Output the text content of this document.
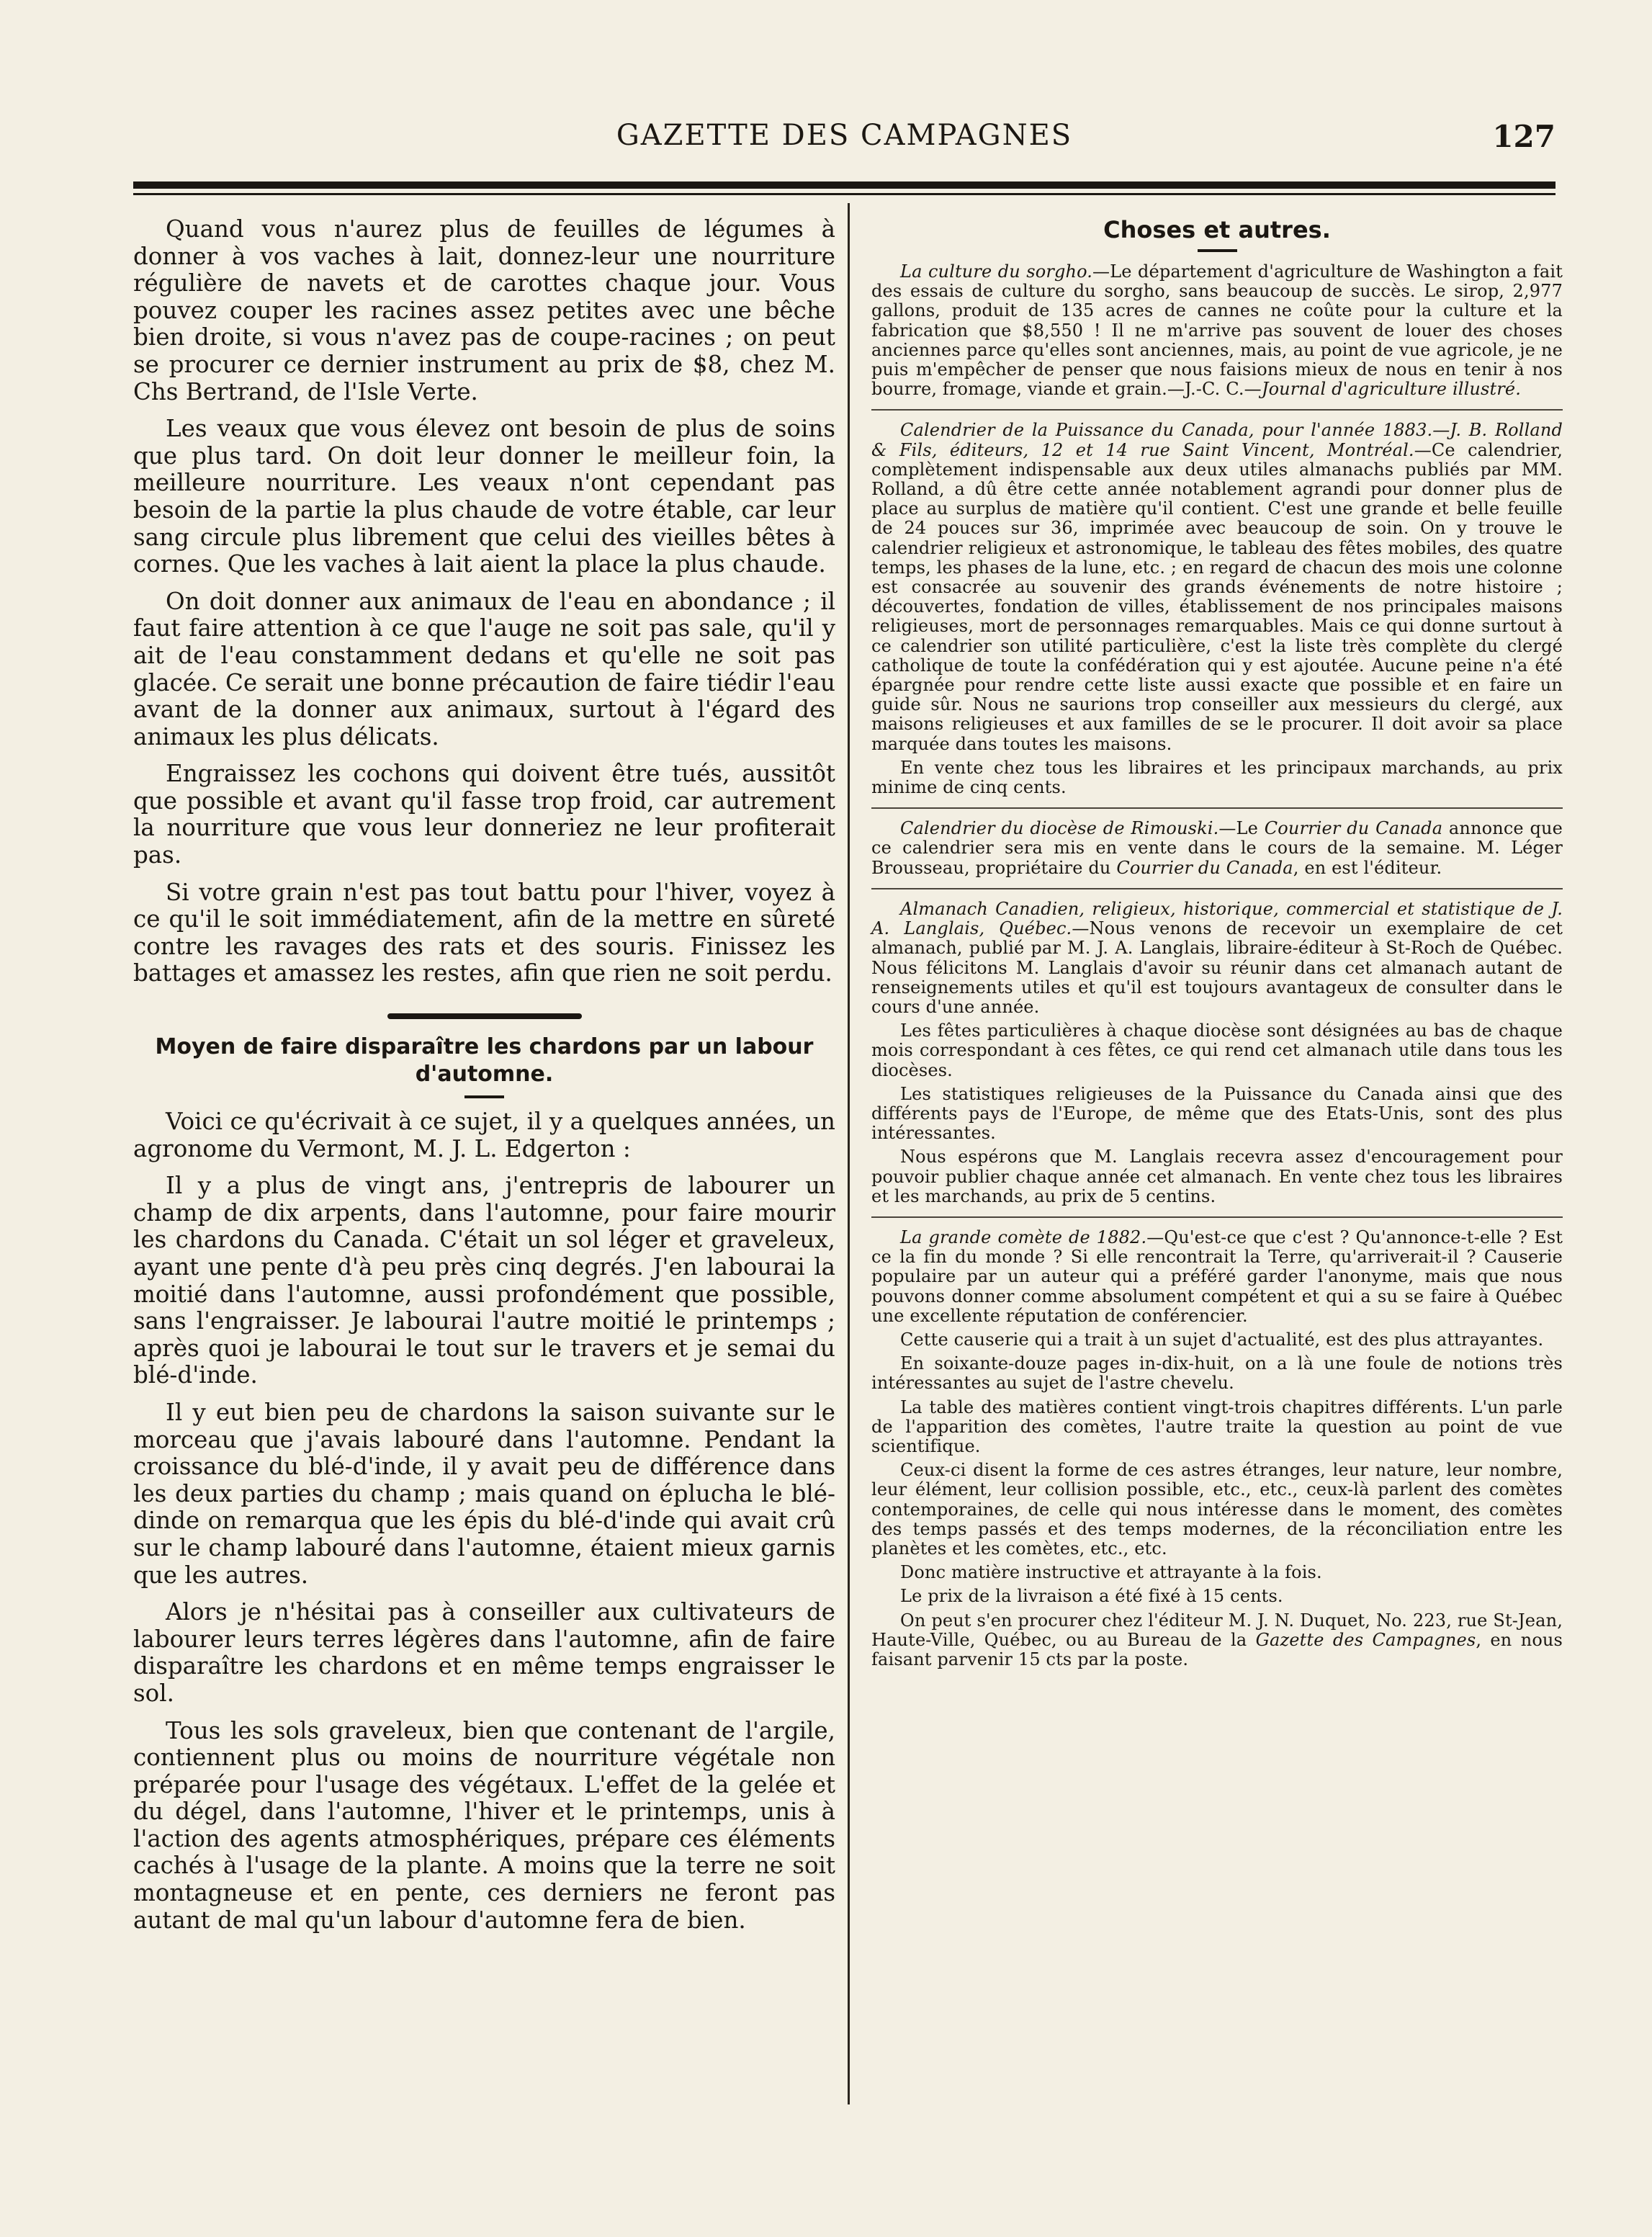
GAZETTE DES CAMPAGNES	127

Quand vous n'aurez plus de feuilles de légumes à donner à vos vaches à lait, donnez-leur une nourriture régulière de navets et de carottes chaque jour. Vous pouvez couper les racines assez petites avec une bêche bien droite, si vous n'avez pas de coupe-racines ; on peut se procurer ce dernier instrument au prix de $8, chez M. Chs Bertrand, de l'Isle Verte.

Les veaux que vous élevez ont besoin de plus de soins que plus tard. On doit leur donner le meilleur foin, la meilleure nourriture. Les veaux n'ont cependant pas besoin de la partie la plus chaude de votre étable, car leur sang circule plus librement que celui des vieilles bêtes à cornes. Que les vaches à lait aient la place la plus chaude.

On doit donner aux animaux de l'eau en abondance ; il faut faire attention à ce que l'auge ne soit pas sale, qu'il y ait de l'eau constamment dedans et qu'elle ne soit pas glacée. Ce serait une bonne précaution de faire tiédir l'eau avant de la donner aux animaux, surtout à l'égard des animaux les plus délicats.

Engraissez les cochons qui doivent être tués, aussitôt que possible et avant qu'il fasse trop froid, car autrement la nourriture que vous leur donneriez ne leur profiterait pas.

Si votre grain n'est pas tout battu pour l'hiver, voyez à ce qu'il le soit immédiatement, afin de la mettre en sûreté contre les ravages des rats et des souris. Finissez les battages et amassez les restes, afin que rien ne soit perdu.

Moyen de faire disparaître les chardons par un labour d'automne.

Voici ce qu'écrivait à ce sujet, il y a quelques années, un agronome du Vermont, M. J. L. Edgerton :

Il y a plus de vingt ans, j'entrepris de labourer un champ de dix arpents, dans l'automne, pour faire mourir les chardons du Canada. C'était un sol léger et graveleux, ayant une pente d'à peu près cinq degrés. J'en labourai la moitié dans l'automne, aussi profondément que possible, sans l'engraisser. Je labourai l'autre moitié le printemps ; après quoi je labourai le tout sur le travers et je semai du blé-d'inde.

Il y eut bien peu de chardons la saison suivante sur le morceau que j'avais labouré dans l'automne. Pendant la croissance du blé-d'inde, il y avait peu de différence dans les deux parties du champ ; mais quand on éplucha le blé-dinde on remarqua que les épis du blé-d'inde qui avait crû sur le champ labouré dans l'automne, étaient mieux garnis que les autres.

Alors je n'hésitai pas à conseiller aux cultivateurs de labourer leurs terres légères dans l'automne, afin de faire disparaître les chardons et en même temps engraisser le sol.

Tous les sols graveleux, bien que contenant de l'argile, contiennent plus ou moins de nourriture végétale non préparée pour l'usage des végétaux. L'effet de la gelée et du dégel, dans l'automne, l'hiver et le printemps, unis à l'action des agents atmosphériques, prépare ces éléments cachés à l'usage de la plante. A moins que la terre ne soit montagneuse et en pente, ces derniers ne feront pas autant de mal qu'un labour d'automne fera de bien.

Choses et autres.

La culture du sorgho.—Le département d'agriculture de Washington a fait des essais de culture du sorgho, sans beaucoup de succès. Le sirop, 2,977 gallons, produit de 135 acres de cannes ne coûte pour la culture et la fabrication que $8,550 ! Il ne m'arrive pas souvent de louer des choses anciennes parce qu'elles sont anciennes, mais, au point de vue agricole, je ne puis m'empêcher de penser que nous faisions mieux de nous en tenir à nos bourre, fromage, viande et grain.—J.-C. C.—Journal d'agriculture illustré.

Calendrier de la Puissance du Canada, pour l'année 1883.—J. B. Rolland & Fils, éditeurs, 12 et 14 rue Saint Vincent, Montréal.—Ce calendrier, complètement indispensable aux deux utiles almanachs publiés par MM. Rolland, a dû être cette année notablement agrandi pour donner plus de place au surplus de matière qu'il contient. C'est une grande et belle feuille de 24 pouces sur 36, imprimée avec beaucoup de soin. On y trouve le calendrier religieux et astronomique, le tableau des fêtes mobiles, des quatre temps, les phases de la lune, etc. ; en regard de chacun des mois une colonne est consacrée au souvenir des grands événements de notre histoire ; découvertes, fondation de villes, établissement de nos principales maisons religieuses, mort de personnages remarquables. Mais ce qui donne surtout à ce calendrier son utilité particulière, c'est la liste très complète du clergé catholique de toute la confédération qui y est ajoutée. Aucune peine n'a été épargnée pour rendre cette liste aussi exacte que possible et en faire un guide sûr. Nous ne saurions trop conseiller aux messieurs du clergé, aux maisons religieuses et aux familles de se le procurer. Il doit avoir sa place marquée dans toutes les maisons.

En vente chez tous les libraires et les principaux marchands, au prix minime de cinq cents.

Calendrier du diocèse de Rimouski.—Le Courrier du Canada annonce que ce calendrier sera mis en vente dans le cours de la semaine. M. Léger Brousseau, propriétaire du Courrier du Canada, en est l'éditeur.

Almanach Canadien, religieux, historique, commercial et statistique de J. A. Langlais, Québec.—Nous venons de recevoir un exemplaire de cet almanach, publié par M. J. A. Langlais, libraire-éditeur à St-Roch de Québec. Nous félicitons M. Langlais d'avoir su réunir dans cet almanach autant de renseignements utiles et qu'il est toujours avantageux de consulter dans le cours d'une année.

Les fêtes particulières à chaque diocèse sont désignées au bas de chaque mois correspondant à ces fêtes, ce qui rend cet almanach utile dans tous les diocèses.

Les statistiques religieuses de la Puissance du Canada ainsi que des différents pays de l'Europe, de même que des Etats-Unis, sont des plus intéressantes.

Nous espérons que M. Langlais recevra assez d'encouragement pour pouvoir publier chaque année cet almanach. En vente chez tous les libraires et les marchands, au prix de 5 centins.

La grande comète de 1882.—Qu'est-ce que c'est ? Qu'annonce-t-elle ? Est ce la fin du monde ? Si elle rencontrait la Terre, qu'arriverait-il ? Causerie populaire par un auteur qui a préféré garder l'anonyme, mais que nous pouvons donner comme absolument compétent et qui a su se faire à Québec une excellente réputation de conférencier.

Cette causerie qui a trait à un sujet d'actualité, est des plus attrayantes.

En soixante-douze pages in-dix-huit, on a là une foule de notions très intéressantes au sujet de l'astre chevelu.

La table des matières contient vingt-trois chapitres différents. L'un parle de l'apparition des comètes, l'autre traite la question au point de vue scientifique.

Ceux-ci disent la forme de ces astres étranges, leur nature, leur nombre, leur élément, leur collision possible, etc., etc., ceux-là parlent des comètes contemporaines, de celle qui nous intéresse dans le moment, des comètes des temps passés et des temps modernes, de la réconciliation entre les planètes et les comètes, etc., etc.

Donc matière instructive et attrayante à la fois.

Le prix de la livraison a été fixé à 15 cents.

On peut s'en procurer chez l'éditeur M. J. N. Duquet, No. 223, rue St-Jean, Haute-Ville, Québec, ou au Bureau de la Gazette des Campagnes, en nous faisant parvenir 15 cts par la poste.
